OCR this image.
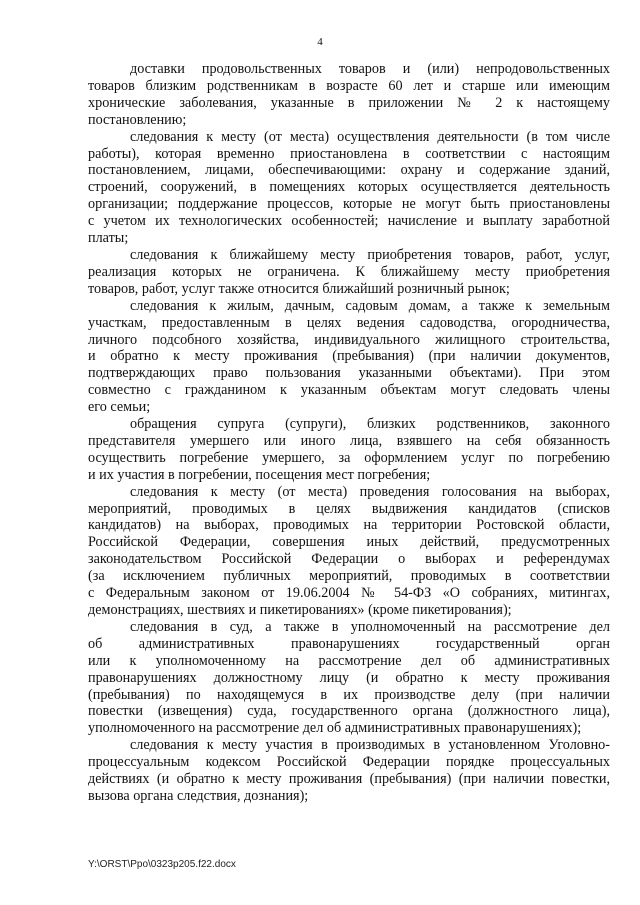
4
доставки продовольственных товаров и (или) непродовольственных
товаров близким родственникам в возрасте 60 лет и старше или имеющим
хронические заболевания, указанные в приложении № 2 к настоящему
постановлению;
следования к месту (от места) осуществления деятельности (в том числе
работы), которая временно приостановлена в соответствии с настоящим
постановлением, лицами, обеспечивающими: охрану и содержание зданий,
строений, сооружений, в помещениях которых осуществляется деятельность
организации; поддержание процессов, которые не могут быть приостановлены
с учетом их технологических особенностей; начисление и выплату заработной
платы;
следования к ближайшему месту приобретения товаров, работ, услуг,
реализация которых не ограничена. К ближайшему месту приобретения
товаров, работ, услуг также относится ближайший розничный рынок;
следования к жилым, дачным, садовым домам, а также к земельным
участкам, предоставленным в целях ведения садоводства, огородничества,
личного подсобного хозяйства, индивидуального жилищного строительства,
и обратно к месту проживания (пребывания) (при наличии документов,
подтверждающих право пользования указанными объектами). При этом
совместно с гражданином к указанным объектам могут следовать члены
его семьи;
обращения супруга (супруги), близких родственников, законного
представителя умершего или иного лица, взявшего на себя обязанность
осуществить погребение умершего, за оформлением услуг по погребению
и их участия в погребении, посещения мест погребения;
следования к месту (от места) проведения голосования на выборах,
мероприятий, проводимых в целях выдвижения кандидатов (списков
кандидатов) на выборах, проводимых на территории Ростовской области,
Российской Федерации, совершения иных действий, предусмотренных
законодательством Российской Федерации о выборах и референдумах
(за исключением публичных мероприятий, проводимых в соответствии
с Федеральным законом от 19.06.2004 № 54-ФЗ «О собраниях, митингах,
демонстрациях, шествиях и пикетированиях» (кроме пикетирования);
следования в суд, а также в уполномоченный на рассмотрение дел
об административных правонарушениях государственный орган
или к уполномоченному на рассмотрение дел об административных
правонарушениях должностному лицу (и обратно к месту проживания
(пребывания) по находящемуся в их производстве делу (при наличии
повестки (извещения) суда, государственного органа (должностного лица),
уполномоченного на рассмотрение дел об административных правонарушениях);
следования к месту участия в производимых в установленном Уголовно-
процессуальным кодексом Российской Федерации порядке процессуальных
действиях (и обратно к месту проживания (пребывания) (при наличии повестки,
вызова органа следствия, дознания);
Y:\ORST\Ppo\0323p205.f22.docx
